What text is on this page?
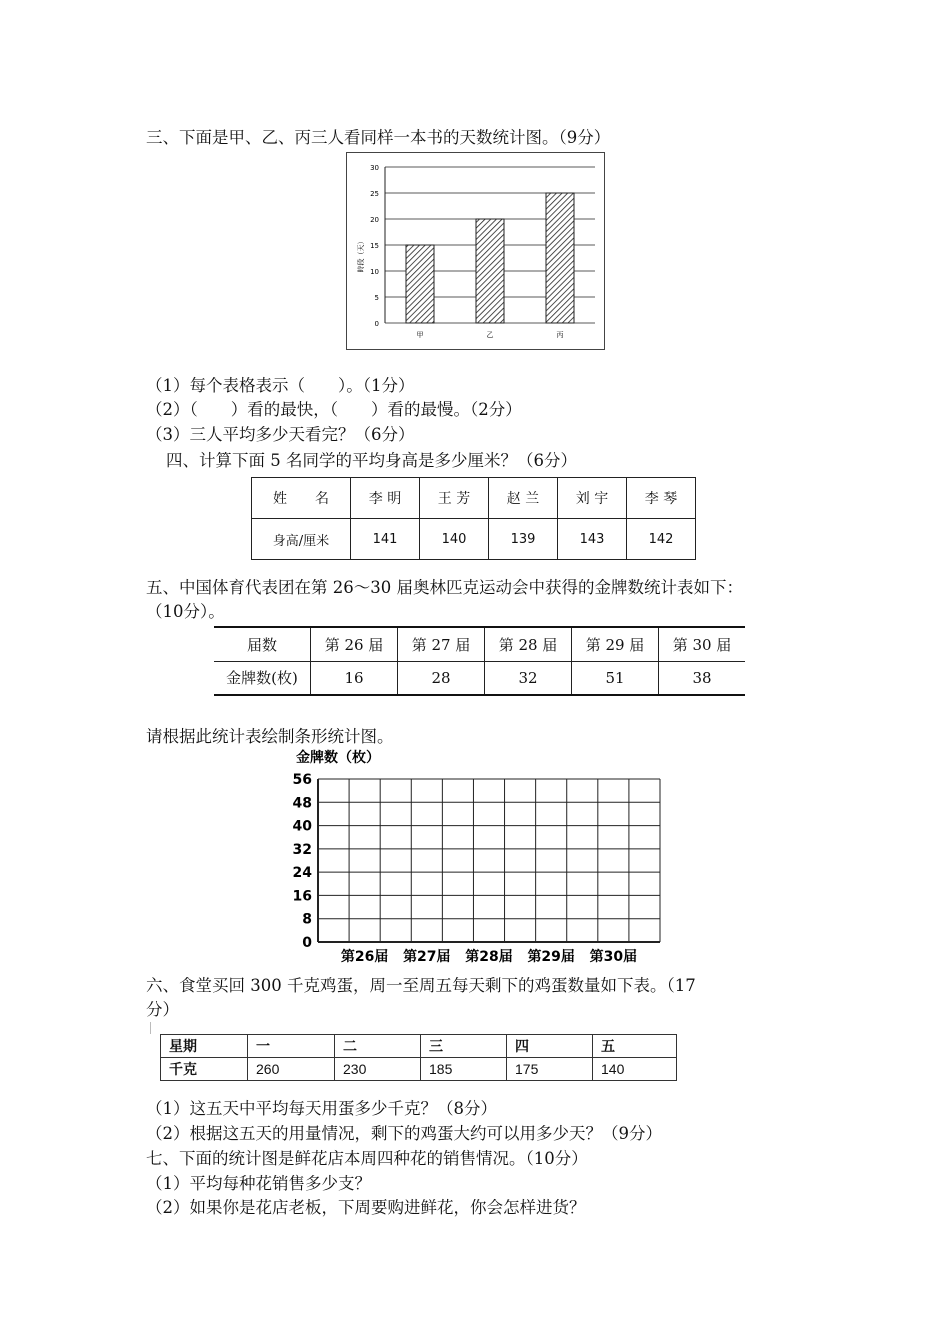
三、下面是甲、乙、丙三人看同样一本书的天数统计图。（9分）
0
5
10
15
20
25
30
甲	乙	丙
時段（天）
（1）每个表格表示（　　）。（1分）
（2）（　　）看的最快，（　　）看的最慢。（2分）
（3）三人平均多少天看完？（6分）
四、计算下面 5 名同学的平均身高是多少厘米？（6分）
姓　　名	李 明	王 芳	赵 兰	刘 宇	李 琴
身高/厘米	141	140	139	143	142
五、中国体育代表团在第 26～30 届奥林匹克运动会中获得的金牌数统计表如下：
（10分）。
届数	第 26 届	第 27 届	第 28 届	第 29 届	第 30 届
金牌数(枚)	16	28	32	51	38
请根据此统计表绘制条形统计图。
金牌数（枚）
0
8
16
24
32
40
48
56
第26届 第27届 第28届 第29届 第30届
六、食堂买回 300 千克鸡蛋，周一至周五每天剩下的鸡蛋数量如下表。（17
分）
星期	一	二	三	四	五
千克	260	230	185	175	140
（1）这五天中平均每天用蛋多少千克？（8分）
（2）根据这五天的用量情况，剩下的鸡蛋大约可以用多少天？（9分）
七、下面的统计图是鲜花店本周四种花的销售情况。（10分）
（1）平均每种花销售多少支？
（2）如果你是花店老板，下周要购进鲜花，你会怎样进货？
